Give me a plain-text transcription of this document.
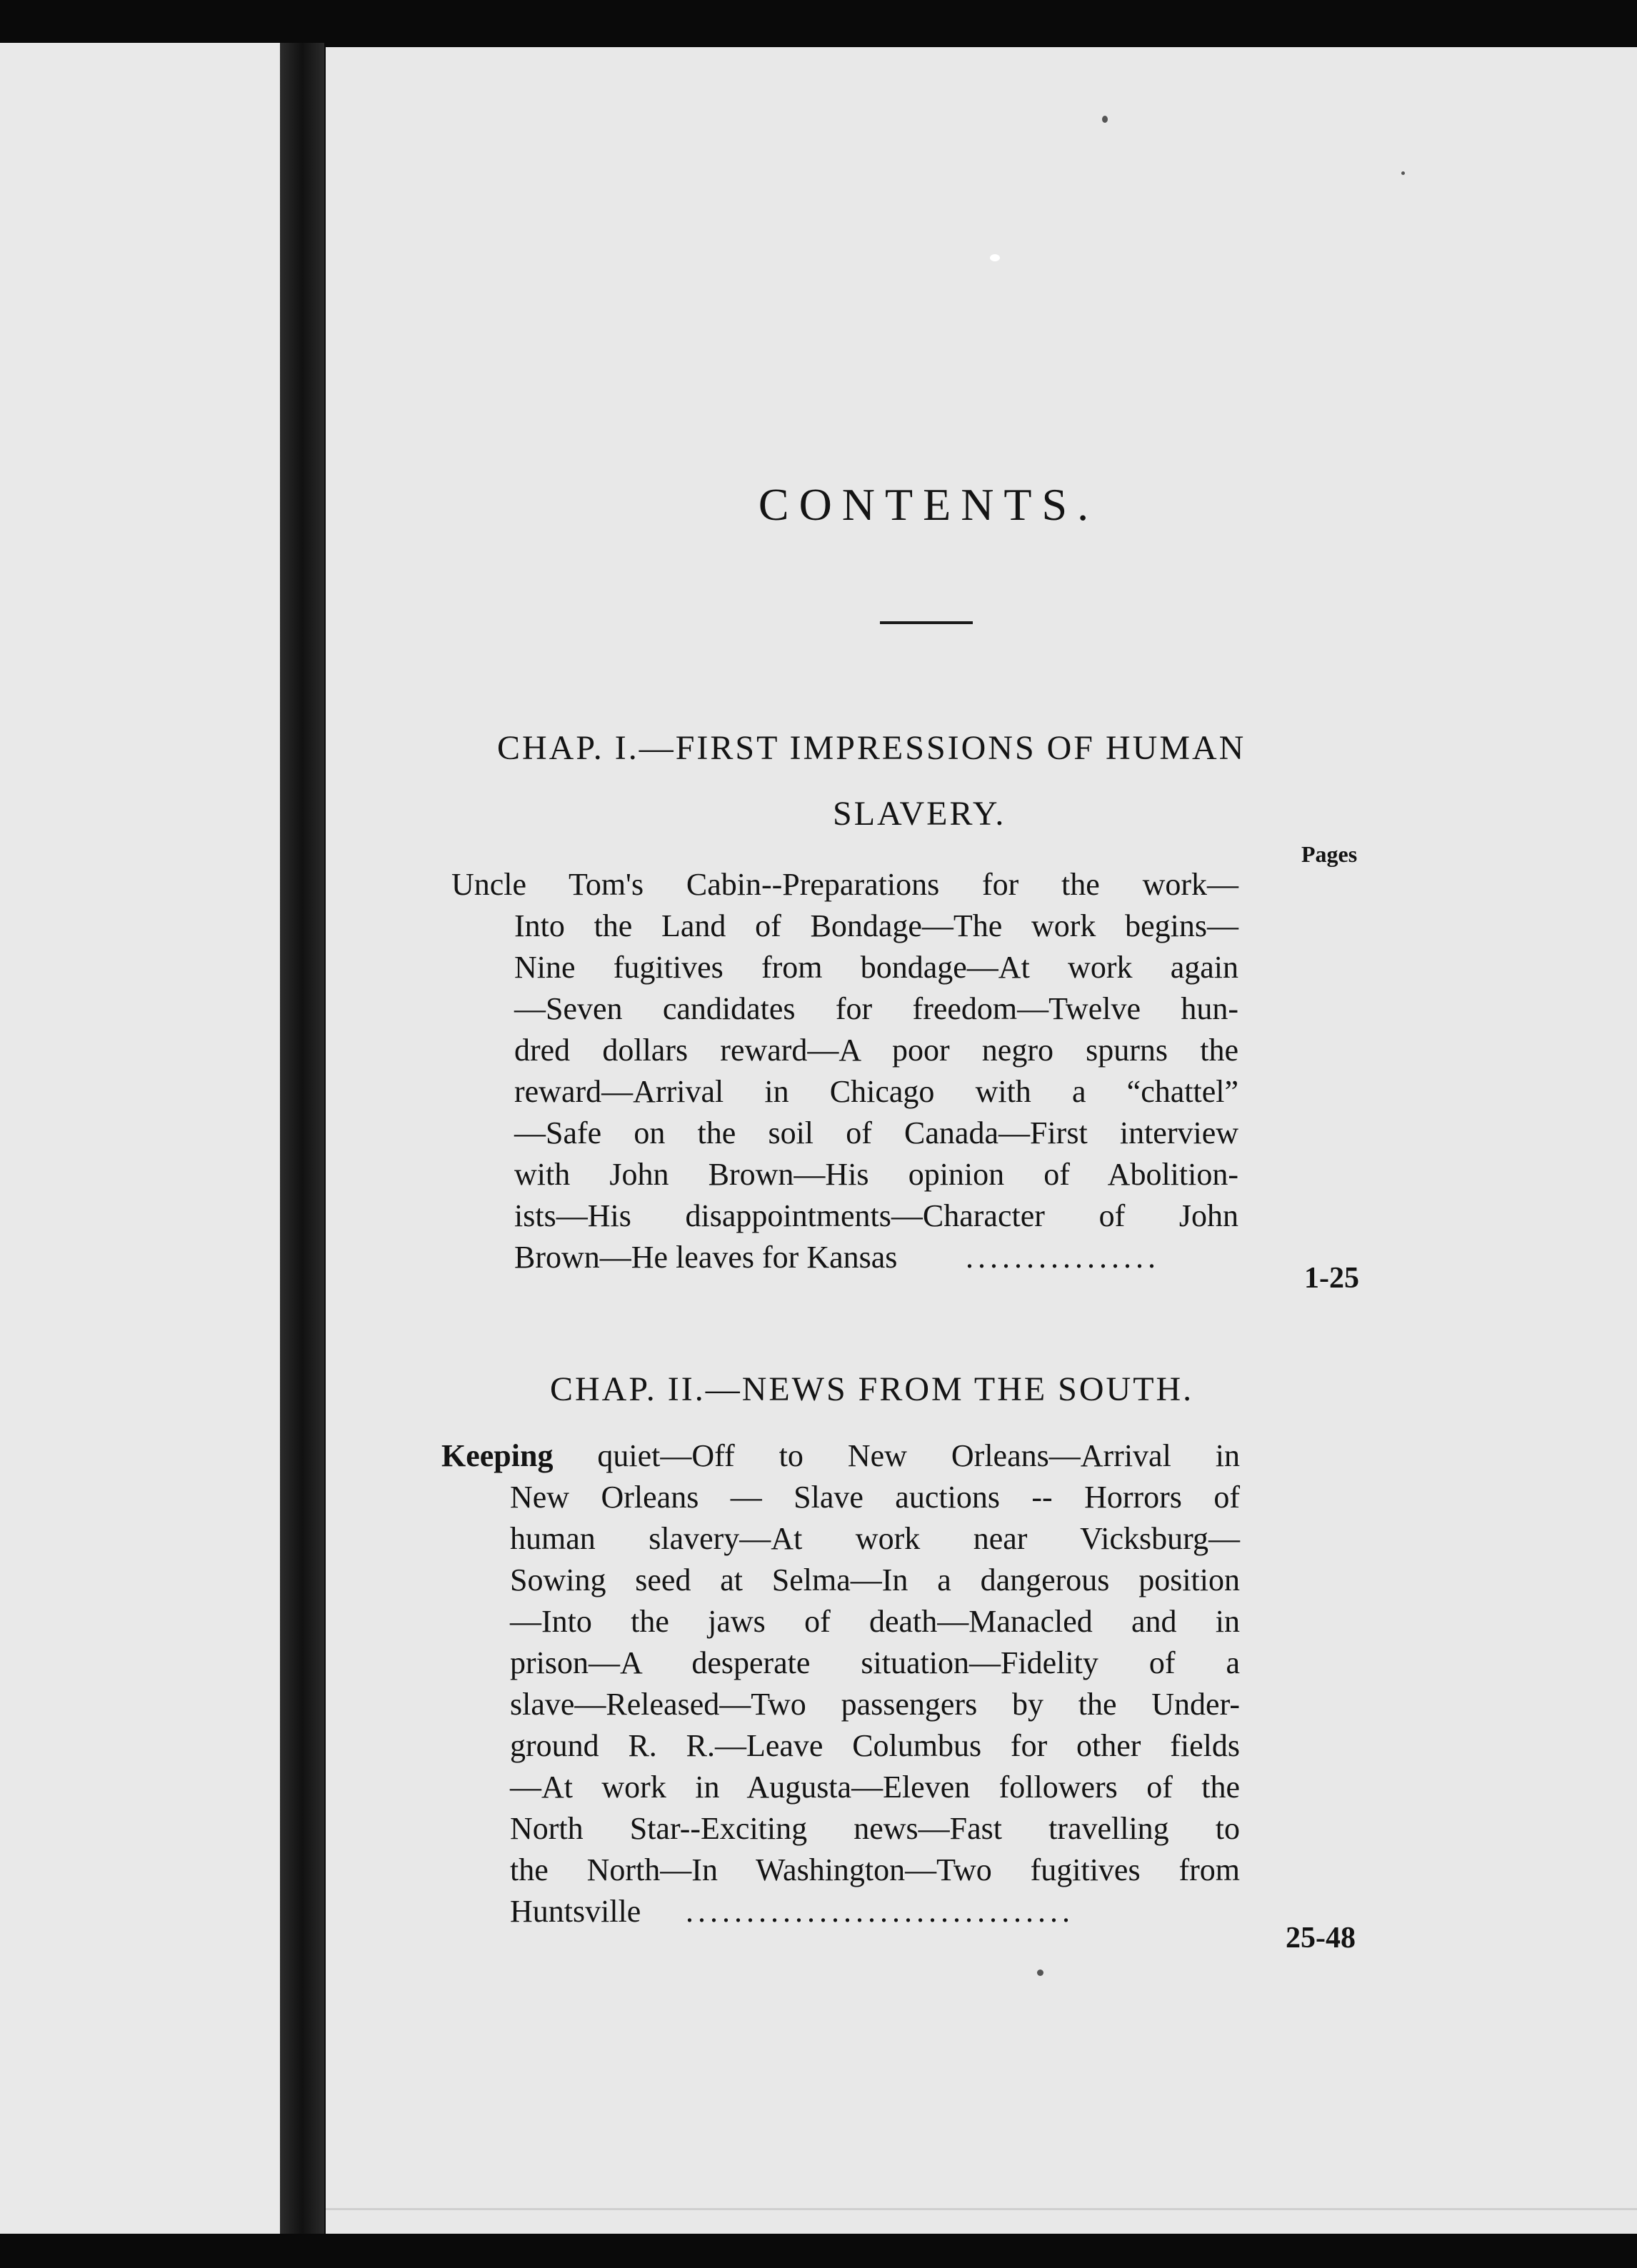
CONTENTS.
CHAP. I.—FIRST IMPRESSIONS OF HUMAN
SLAVERY.
Pages
Uncle Tom's Cabin--Preparations for the work—
Into the Land of Bondage—The work begins—
Nine fugitives from bondage—At work again
—Seven candidates for freedom—Twelve hun-
dred dollars reward—A poor negro spurns the
reward—Arrival in Chicago with a “chattel”
—Safe on the soil of Canada—First interview
with John Brown—His opinion of Abolition-
ists—His disappointments—Character of John
Brown—He leaves for Kansas	................
1-25
CHAP. II.—NEWS FROM THE SOUTH.
Keeping quiet—Off to New Orleans—Arrival in
New Orleans — Slave auctions -- Horrors of
human slavery—At work near Vicksburg—
Sowing seed at Selma—In a dangerous position
—Into the jaws of death—Manacled and in
prison—A desperate situation—Fidelity of a
slave—Released—Two passengers by the Under-
ground R. R.—Leave Columbus for other fields
—At work in Augusta—Eleven followers of the
North Star--Exciting news—Fast travelling to
the North—In Washington—Two fugitives from
Huntsville	................................
25-48
